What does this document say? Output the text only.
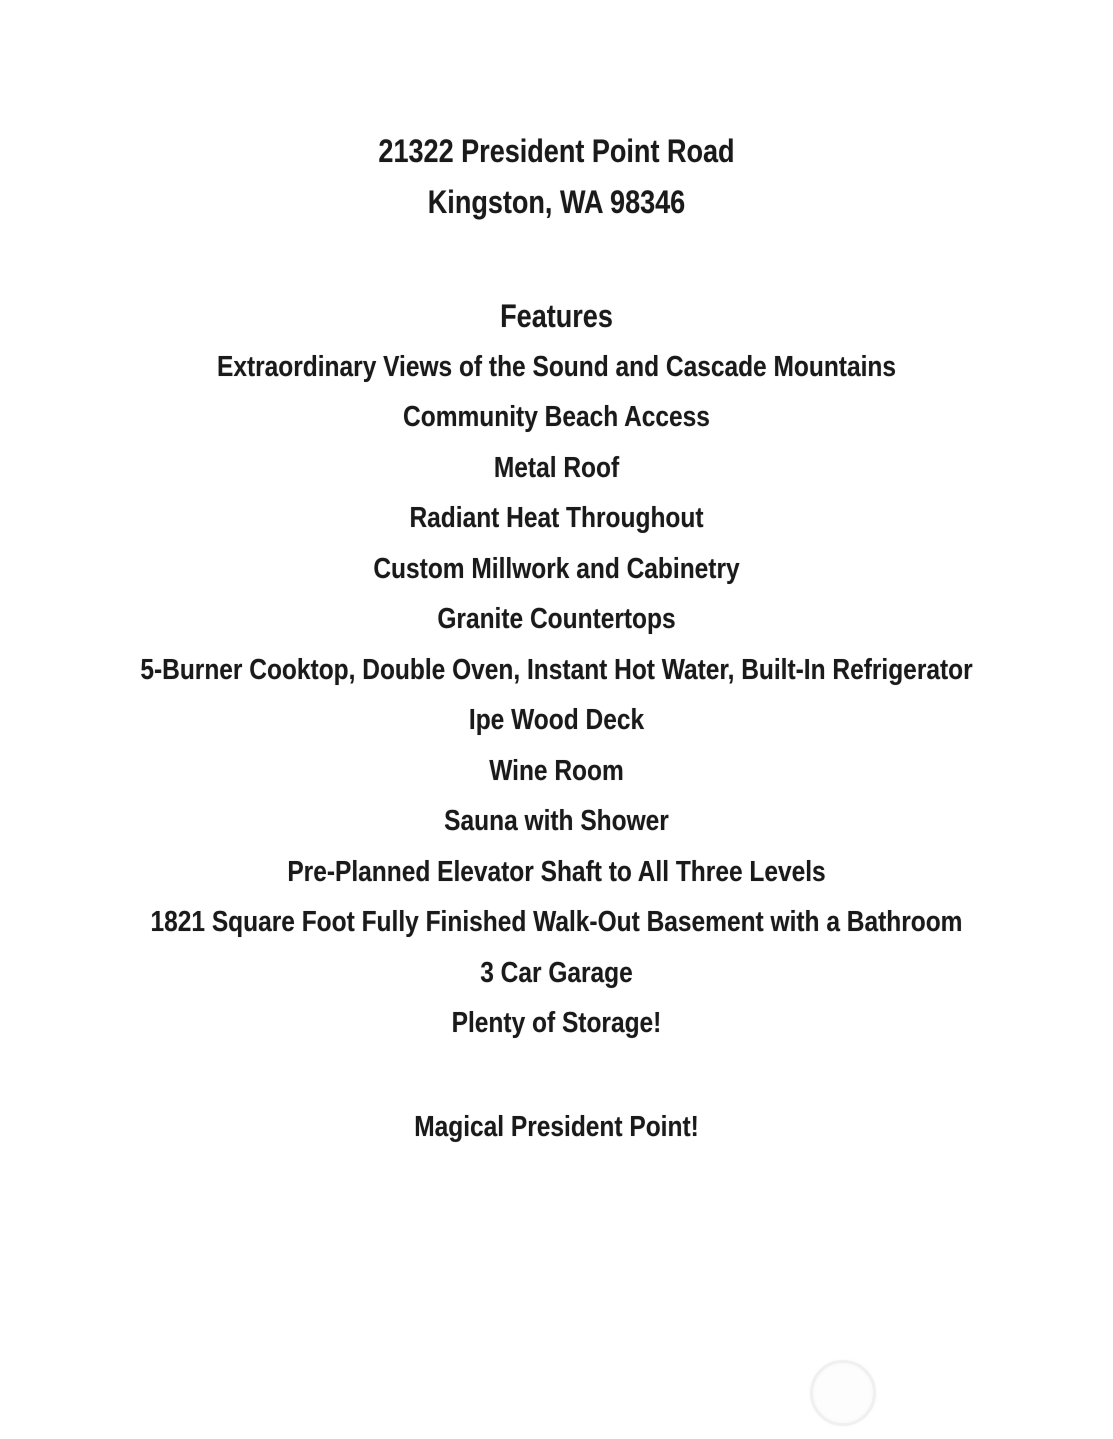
21322 President Point Road
Kingston, WA 98346
Features
Extraordinary Views of the Sound and Cascade Mountains
Community Beach Access
Metal Roof
Radiant Heat Throughout
Custom Millwork and Cabinetry
Granite Countertops
5-Burner Cooktop, Double Oven, Instant Hot Water, Built-In Refrigerator
Ipe Wood Deck
Wine Room
Sauna with Shower
Pre-Planned Elevator Shaft to All Three Levels
1821 Square Foot Fully Finished Walk-Out Basement with a Bathroom
3 Car Garage
Plenty of Storage!
Magical President Point!
